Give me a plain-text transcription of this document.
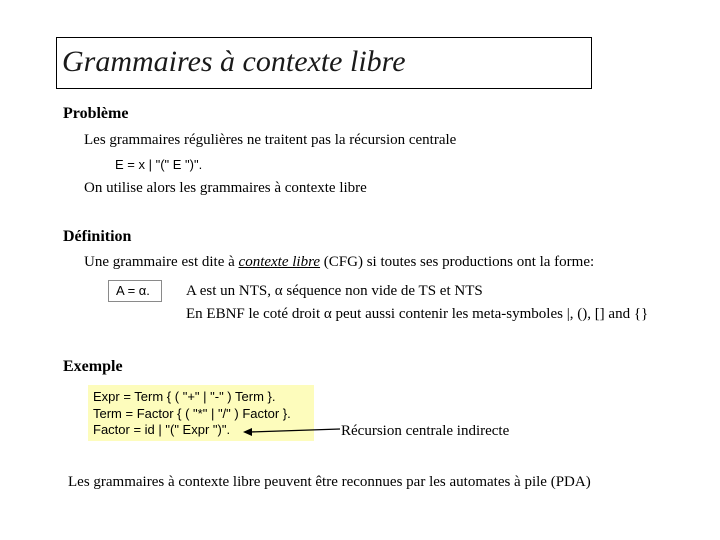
Grammaires à contexte libre
Problème
Les grammaires régulières ne traitent pas la récursion centrale
E = x | "(" E ")".
On utilise alors les grammaires à contexte libre
Définition
Une grammaire est dite à contexte libre (CFG) si toutes ses productions ont la forme:
A = α.	A est un NTS, α séquence non vide de TS et NTS
En EBNF le coté droit α peut aussi contenir les meta-symboles |, (), [] and {}
Exemple
Expr = Term { ( "+" | "-" ) Term }.
Term = Factor { ( "*" | "/" ) Factor }.
Factor = id | "(" Expr ")".	Récursion centrale indirecte
Les grammaires à contexte libre peuvent être reconnues par les automates à pile (PDA)
